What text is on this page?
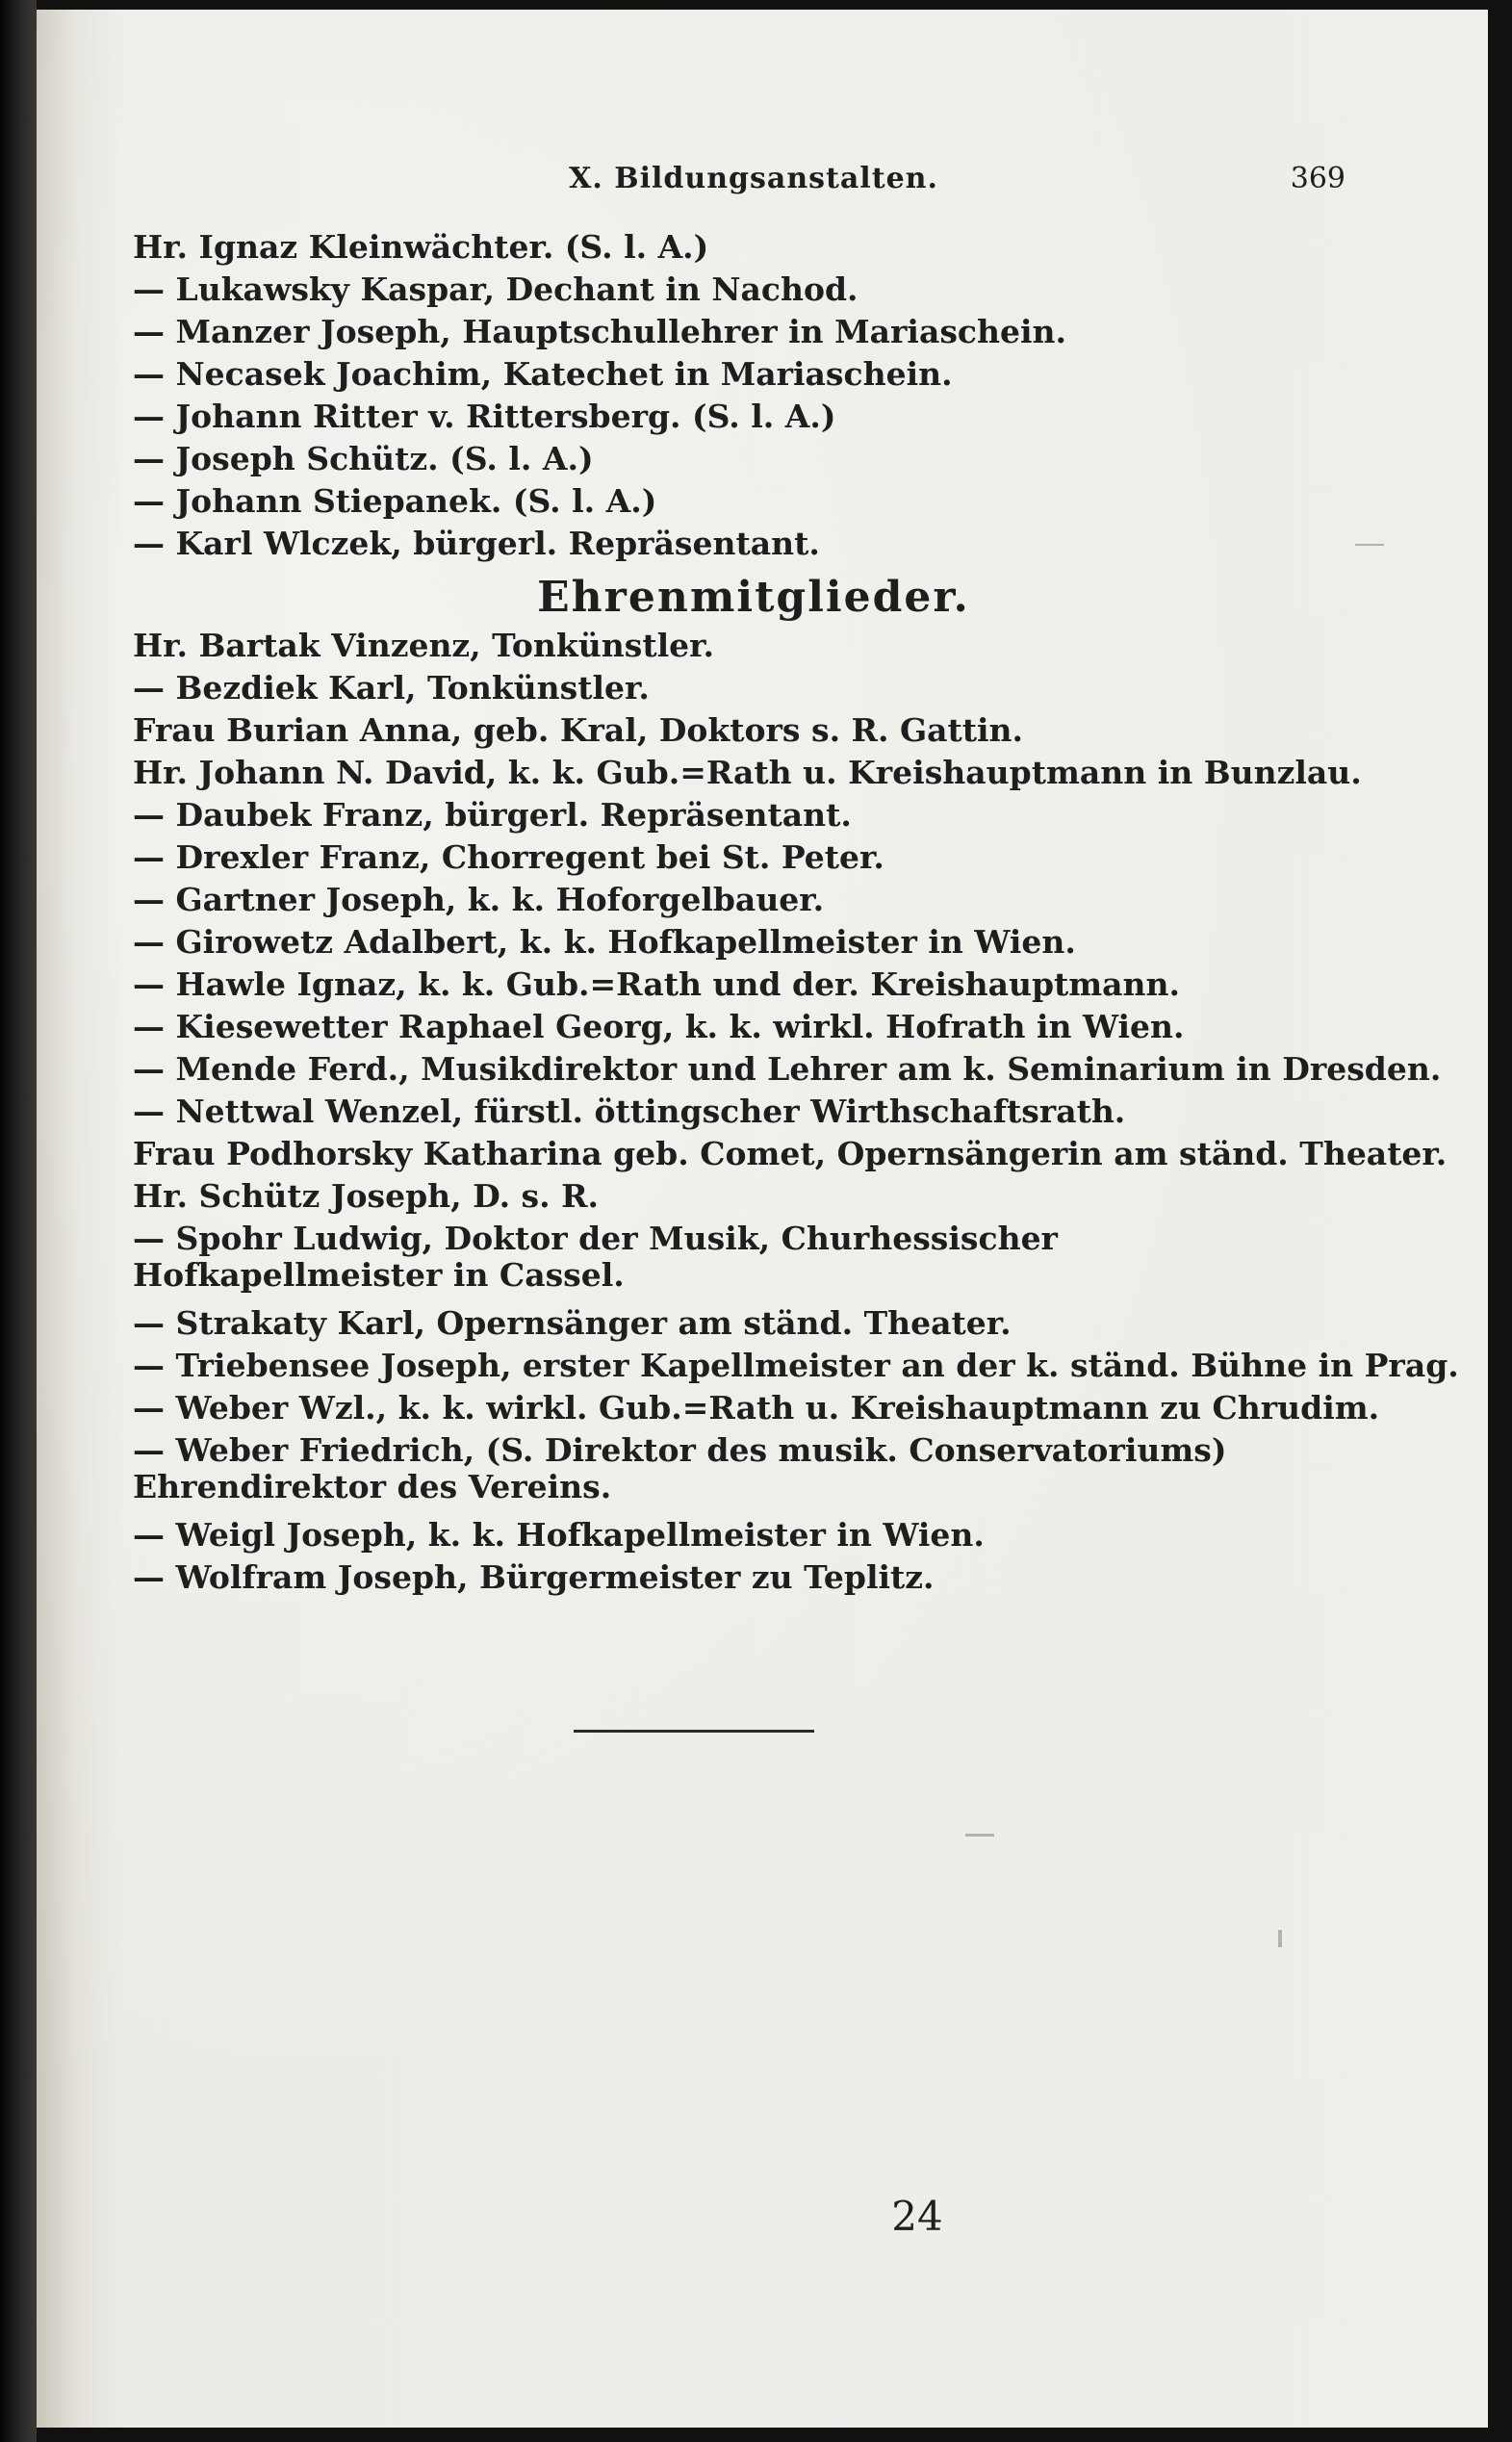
X. Bildungsanstalten.	369
Hr. Ignaz Kleinwächter. (S. l. A.)
— Lukawsky Kaspar, Dechant in Nachod.
— Manzer Joseph, Hauptschullehrer in Mariaschein.
— Necasek Joachim, Katechet in Mariaschein.
— Johann Ritter v. Rittersberg. (S. l. A.)
— Joseph Schütz. (S. l. A.)
— Johann Stiepanek. (S. l. A.)
— Karl Wlczek, bürgerl. Repräsentant.
Ehrenmitglieder.
Hr. Bartak Vinzenz, Tonkünstler.
— Bezdiek Karl, Tonkünstler.
Frau Burian Anna, geb. Kral, Doktors s. R. Gattin.
Hr. Johann N. David, k. k. Gub.=Rath u. Kreishauptmann in Bunzlau.
— Daubek Franz, bürgerl. Repräsentant.
— Drexler Franz, Chorregent bei St. Peter.
— Gartner Joseph, k. k. Hoforgelbauer.
— Girowetz Adalbert, k. k. Hofkapellmeister in Wien.
— Hawle Ignaz, k. k. Gub.=Rath und der. Kreishauptmann.
— Kiesewetter Raphael Georg, k. k. wirkl. Hofrath in Wien.
— Mende Ferd., Musikdirektor und Lehrer am k. Seminarium in Dresden.
— Nettwal Wenzel, fürstl. öttingscher Wirthschaftsrath.
Frau Podhorsky Katharina geb. Comet, Opernsängerin am ständ. Theater.
Hr. Schütz Joseph, D. s. R.
— Spohr Ludwig, Doktor der Musik, Churhessischer Hofkapellmeister in Cassel.
— Strakaty Karl, Opernsänger am ständ. Theater.
— Triebensee Joseph, erster Kapellmeister an der k. ständ. Bühne in Prag.
— Weber Wzl., k. k. wirkl. Gub.=Rath u. Kreishauptmann zu Chrudim.
— Weber Friedrich, (S. Direktor des musik. Conservatoriums) Ehrendirektor des Vereins.
— Weigl Joseph, k. k. Hofkapellmeister in Wien.
— Wolfram Joseph, Bürgermeister zu Teplitz.
24
